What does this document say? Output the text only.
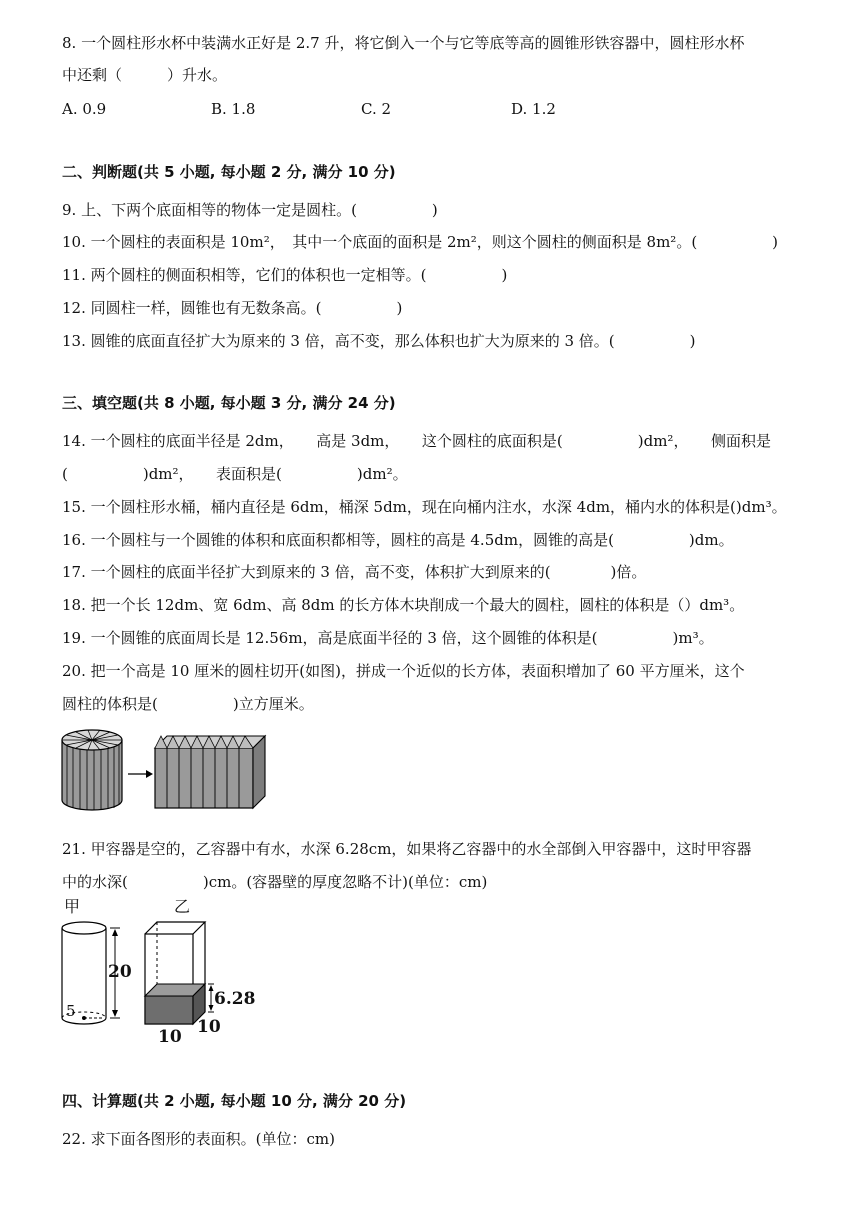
8. 一个圆柱形水杯中装满水正好是 2.7 升，将它倒入一个与它等底等高的圆锥形铁容器中，圆柱形水杯
中还剩（　　　）升水。
A. 0.9	B. 1.8	C. 2	D. 1.2
二、判断题(共 5 小题, 每小题 2 分, 满分 10 分)
9. 上、下两个底面相等的物体一定是圆柱。(　　　　　)
10. 一个圆柱的表面积是 10m²，　其中一个底面的面积是 2m²，则这个圆柱的侧面积是 8m²。(　　　　　)
11. 两个圆柱的侧面积相等，它们的体积也一定相等。(　　　　　)
12. 同圆柱一样，圆锥也有无数条高。(　　　　　)
13. 圆锥的底面直径扩大为原来的 3 倍，高不变，那么体积也扩大为原来的 3 倍。(　　　　　)
三、填空题(共 8 小题, 每小题 3 分, 满分 24 分)
14. 一个圆柱的底面半径是 2dm，　　高是 3dm，　　这个圆柱的底面积是(　　　　　)dm²，　　侧面积是
(　　　　　)dm²，　　表面积是(　　　　　)dm²。
15. 一个圆柱形水桶，桶内直径是 6dm，桶深 5dm，现在向桶内注水，水深 4dm，桶内水的体积是()dm³。
16. 一个圆柱与一个圆锥的体积和底面积都相等，圆柱的高是 4.5dm，圆锥的高是(　　　　　)dm。
17. 一个圆柱的底面半径扩大到原来的 3 倍，高不变，体积扩大到原来的(　　　　)倍。
18. 把一个长 12dm、宽 6dm、高 8dm 的长方体木块削成一个最大的圆柱，圆柱的体积是（）dm³。
19. 一个圆锥的底面周长是 12.56m，高是底面半径的 3 倍，这个圆锥的体积是(　　　　　)m³。
20. 把一个高是 10 厘米的圆柱切开(如图)，拼成一个近似的长方体，表面积增加了 60 平方厘米，这个
圆柱的体积是(　　　　　)立方厘米。
21. 甲容器是空的，乙容器中有水，水深 6.28cm，如果将乙容器中的水全部倒入甲容器中，这时甲容器
中的水深(　　　　　)cm。(容器壁的厚度忽略不计)(单位：cm)
甲
5
20
乙
6.28
10 10
四、计算题(共 2 小题, 每小题 10 分, 满分 20 分)
22. 求下面各图形的表面积。(单位：cm)
